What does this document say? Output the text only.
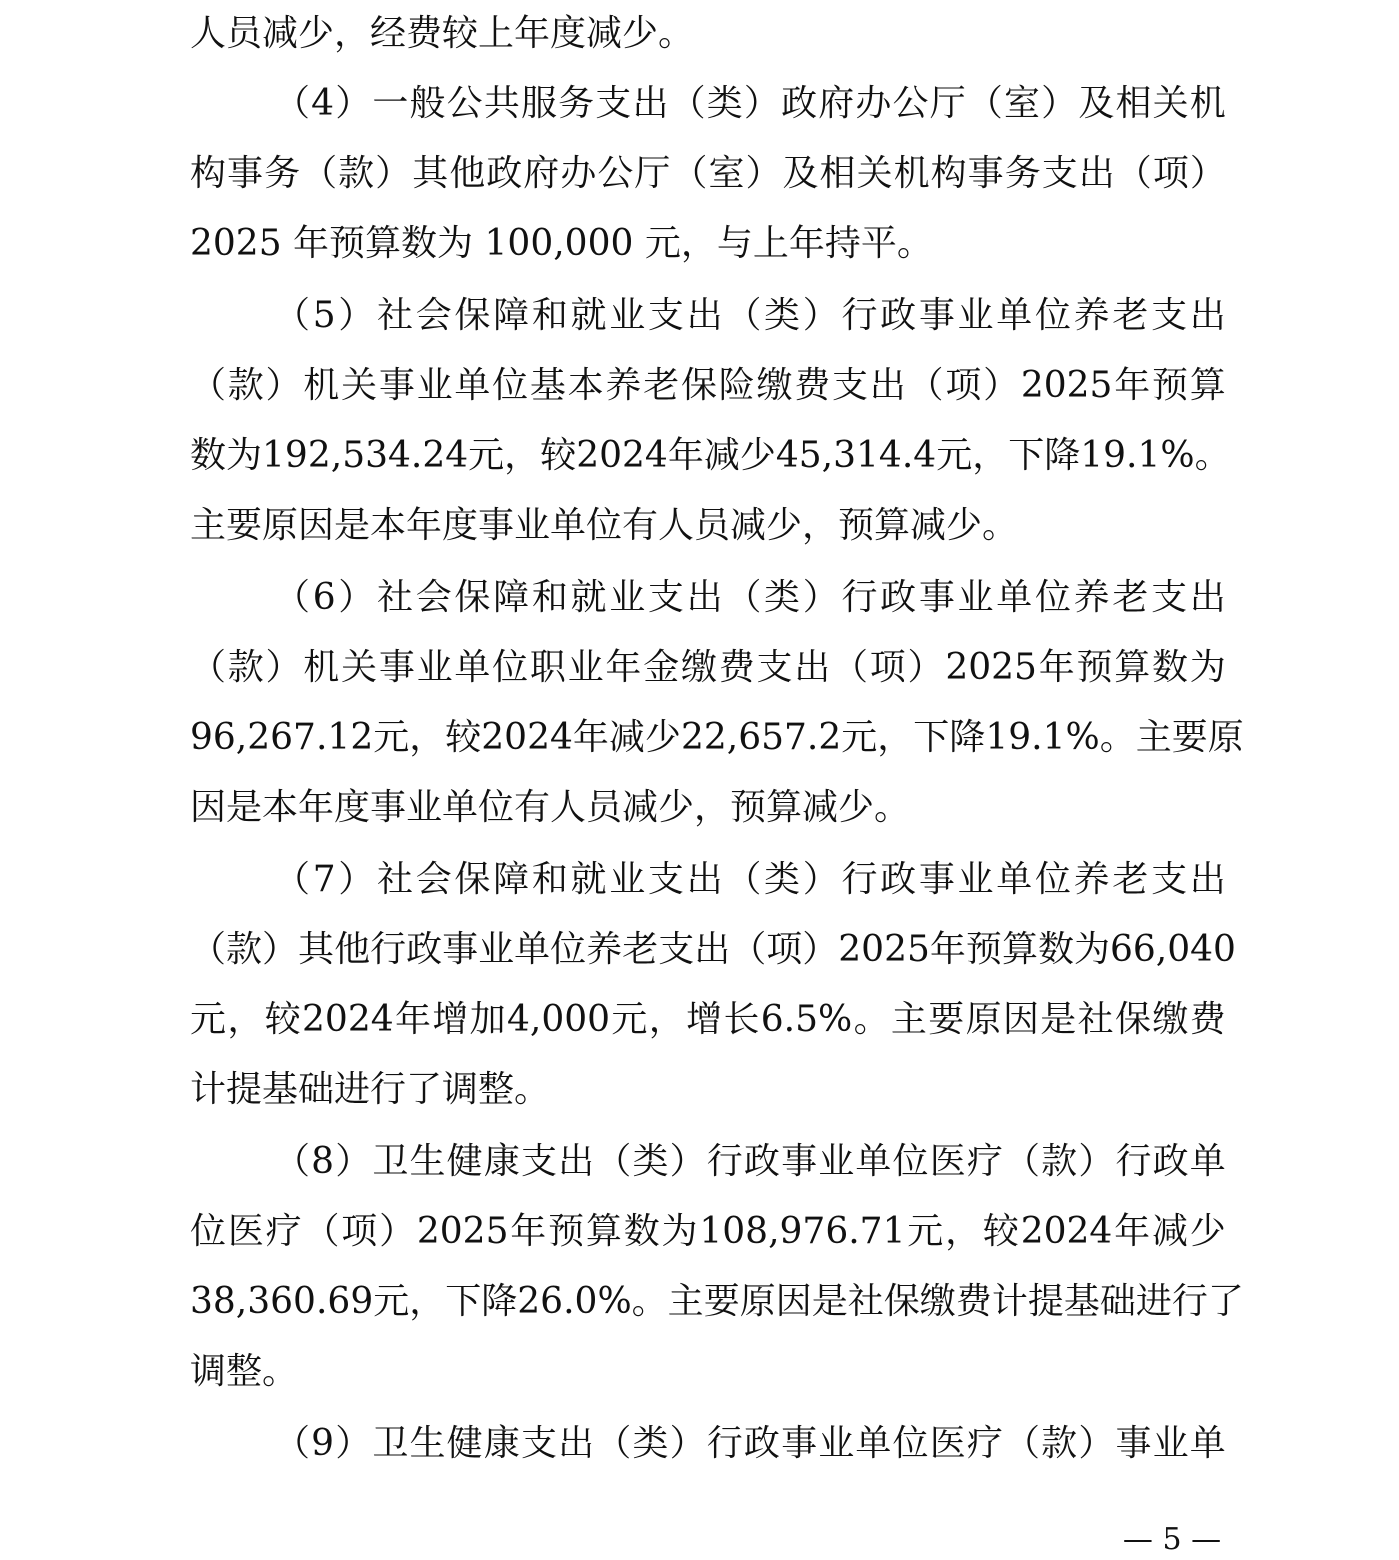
人员减少，经费较上年度减少。
（ 4 ） 一 般 公 共 服 务 支 出 （ 类 ） 政 府 办 公 厅 （ 室 ） 及 相 关 机
构 事 务 （ 款 ） 其 他 政 府 办 公 厅 （ 室 ） 及 相 关 机 构 事 务 支 出 （ 项 ）
2025 年预算数为 100,000 元，与上年持平。
（ 5 ） 社 会 保 障 和 就 业 支 出 （ 类 ） 行 政 事 业 单 位 养 老 支 出
（ 款 ） 机 关 事 业 单 位 基 本 养 老 保 险 缴 费 支 出 （ 项 ） 2025 年 预 算
数 为 192,534.24 元 ， 较 2024 年 减 少 45,314.4 元 ， 下 降 19.1% 。
主要原因是本年度事业单位有人员减少，预算减少。
（ 6 ） 社 会 保 障 和 就 业 支 出 （ 类 ） 行 政 事 业 单 位 养 老 支 出
（ 款 ） 机 关 事 业 单 位 职 业 年 金 缴 费 支 出 （ 项 ） 2025 年 预 算 数 为
96,267.12 元 ， 较 2024 年 减 少 22,657.2 元 ， 下 降 19.1% 。 主 要 原
因是本年度事业单位有人员减少，预算减少。
（ 7 ） 社 会 保 障 和 就 业 支 出 （ 类 ） 行 政 事 业 单 位 养 老 支 出
（ 款 ） 其 他 行 政 事 业 单 位 养 老 支 出 （ 项 ） 2025 年 预 算 数 为 66,040
元 ， 较 2024 年 增 加 4,000 元 ， 增 长 6.5% 。 主 要 原 因 是 社 保 缴 费
计提基础进行了调整。
（ 8 ） 卫 生 健 康 支 出 （ 类 ） 行 政 事 业 单 位 医 疗 （ 款 ） 行 政 单
位 医 疗 （ 项 ） 2025 年 预 算 数 为 108,976.71 元 ， 较 2024 年 减 少
38,360.69 元 ， 下 降 26.0% 。 主 要 原 因 是 社 保 缴 费 计 提 基 础 进 行 了
调整。
（ 9 ） 卫 生 健 康 支 出 （ 类 ） 行 政 事 业 单 位 医 疗 （ 款 ） 事 业 单
— 5 —
